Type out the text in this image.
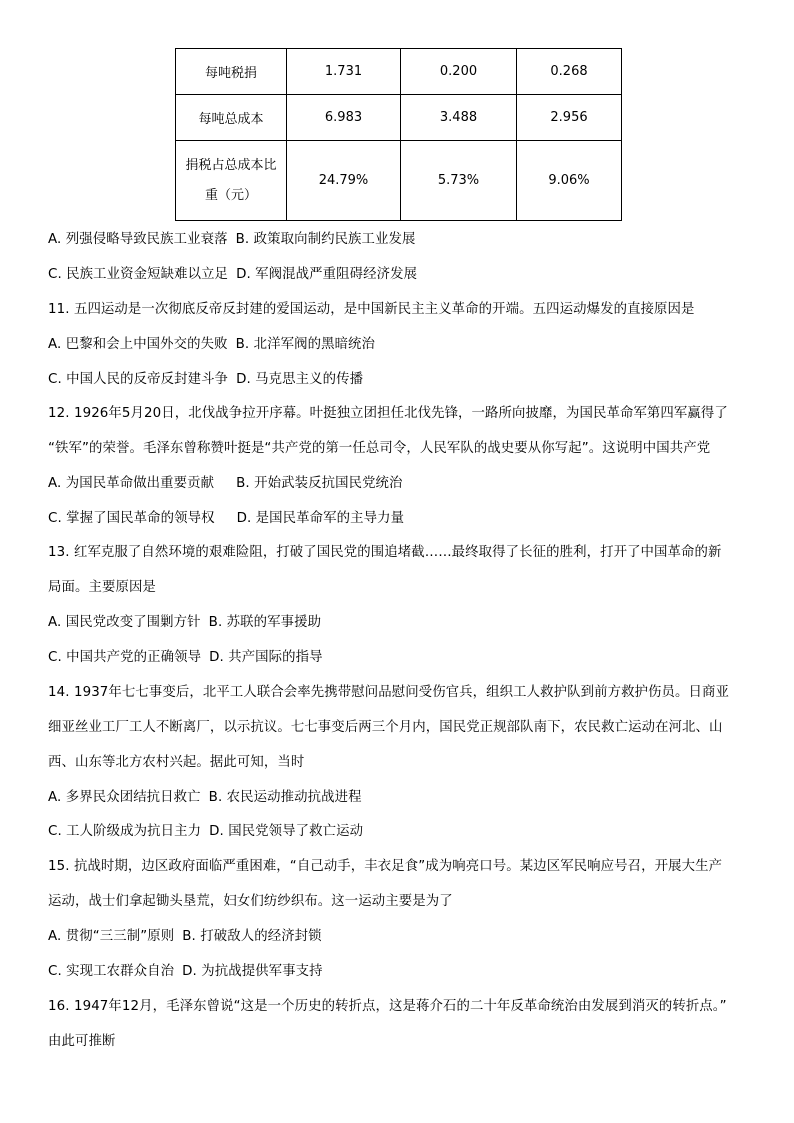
每吨税捐	1.731	0.200	0.268
每吨总成本	6.983	3.488	2.956

捐税占总成本比
重（元）	24.79%	5.73%	9.06%
A. 列强侵略导致民族工业衰落 B. 政策取向制约民族工业发展
C. 民族工业资金短缺难以立足 D. 军阀混战严重阻碍经济发展
11. 五四运动是一次彻底反帝反封建的爱国运动，是中国新民主主义革命的开端。五四运动爆发的直接原因是
A. 巴黎和会上中国外交的失败 B. 北洋军阀的黑暗统治
C. 中国人民的反帝反封建斗争 D. 马克思主义的传播
12. 1926年5月20日，北伐战争拉开序幕。叶挺独立团担任北伐先锋，一路所向披靡，为国民革命军第四军赢得了
“铁军”的荣誉。毛泽东曾称赞叶挺是“共产党的第一任总司令，人民军队的战史要从你写起”。这说明中国共产党
A. 为国民革命做出重要贡献 B. 开始武装反抗国民党统治
C. 掌握了国民革命的领导权 D. 是国民革命军的主导力量
13. 红军克服了自然环境的艰难险阻，打破了国民党的围追堵截……最终取得了长征的胜利，打开了中国革命的新
局面。主要原因是
A. 国民党改变了围剿方针 B. 苏联的军事援助
C. 中国共产党的正确领导 D. 共产国际的指导
14. 1937年七七事变后，北平工人联合会率先携带慰问品慰问受伤官兵，组织工人救护队到前方救护伤员。日商亚
细亚丝业工厂工人不断离厂，以示抗议。七七事变后两三个月内，国民党正规部队南下，农民救亡运动在河北、山
西、山东等北方农村兴起。据此可知，当时
A. 多界民众团结抗日救亡 B. 农民运动推动抗战进程
C. 工人阶级成为抗日主力 D. 国民党领导了救亡运动
15. 抗战时期，边区政府面临严重困难，“自己动手，丰衣足食”成为响亮口号。某边区军民响应号召，开展大生产
运动，战士们拿起锄头垦荒，妇女们纺纱织布。这一运动主要是为了
A. 贯彻“三三制”原则 B. 打破敌人的经济封锁
C. 实现工农群众自治 D. 为抗战提供军事支持
16. 1947年12月，毛泽东曾说“这是一个历史的转折点，这是蒋介石的二十年反革命统治由发展到消灭的转折点。”
由此可推断
